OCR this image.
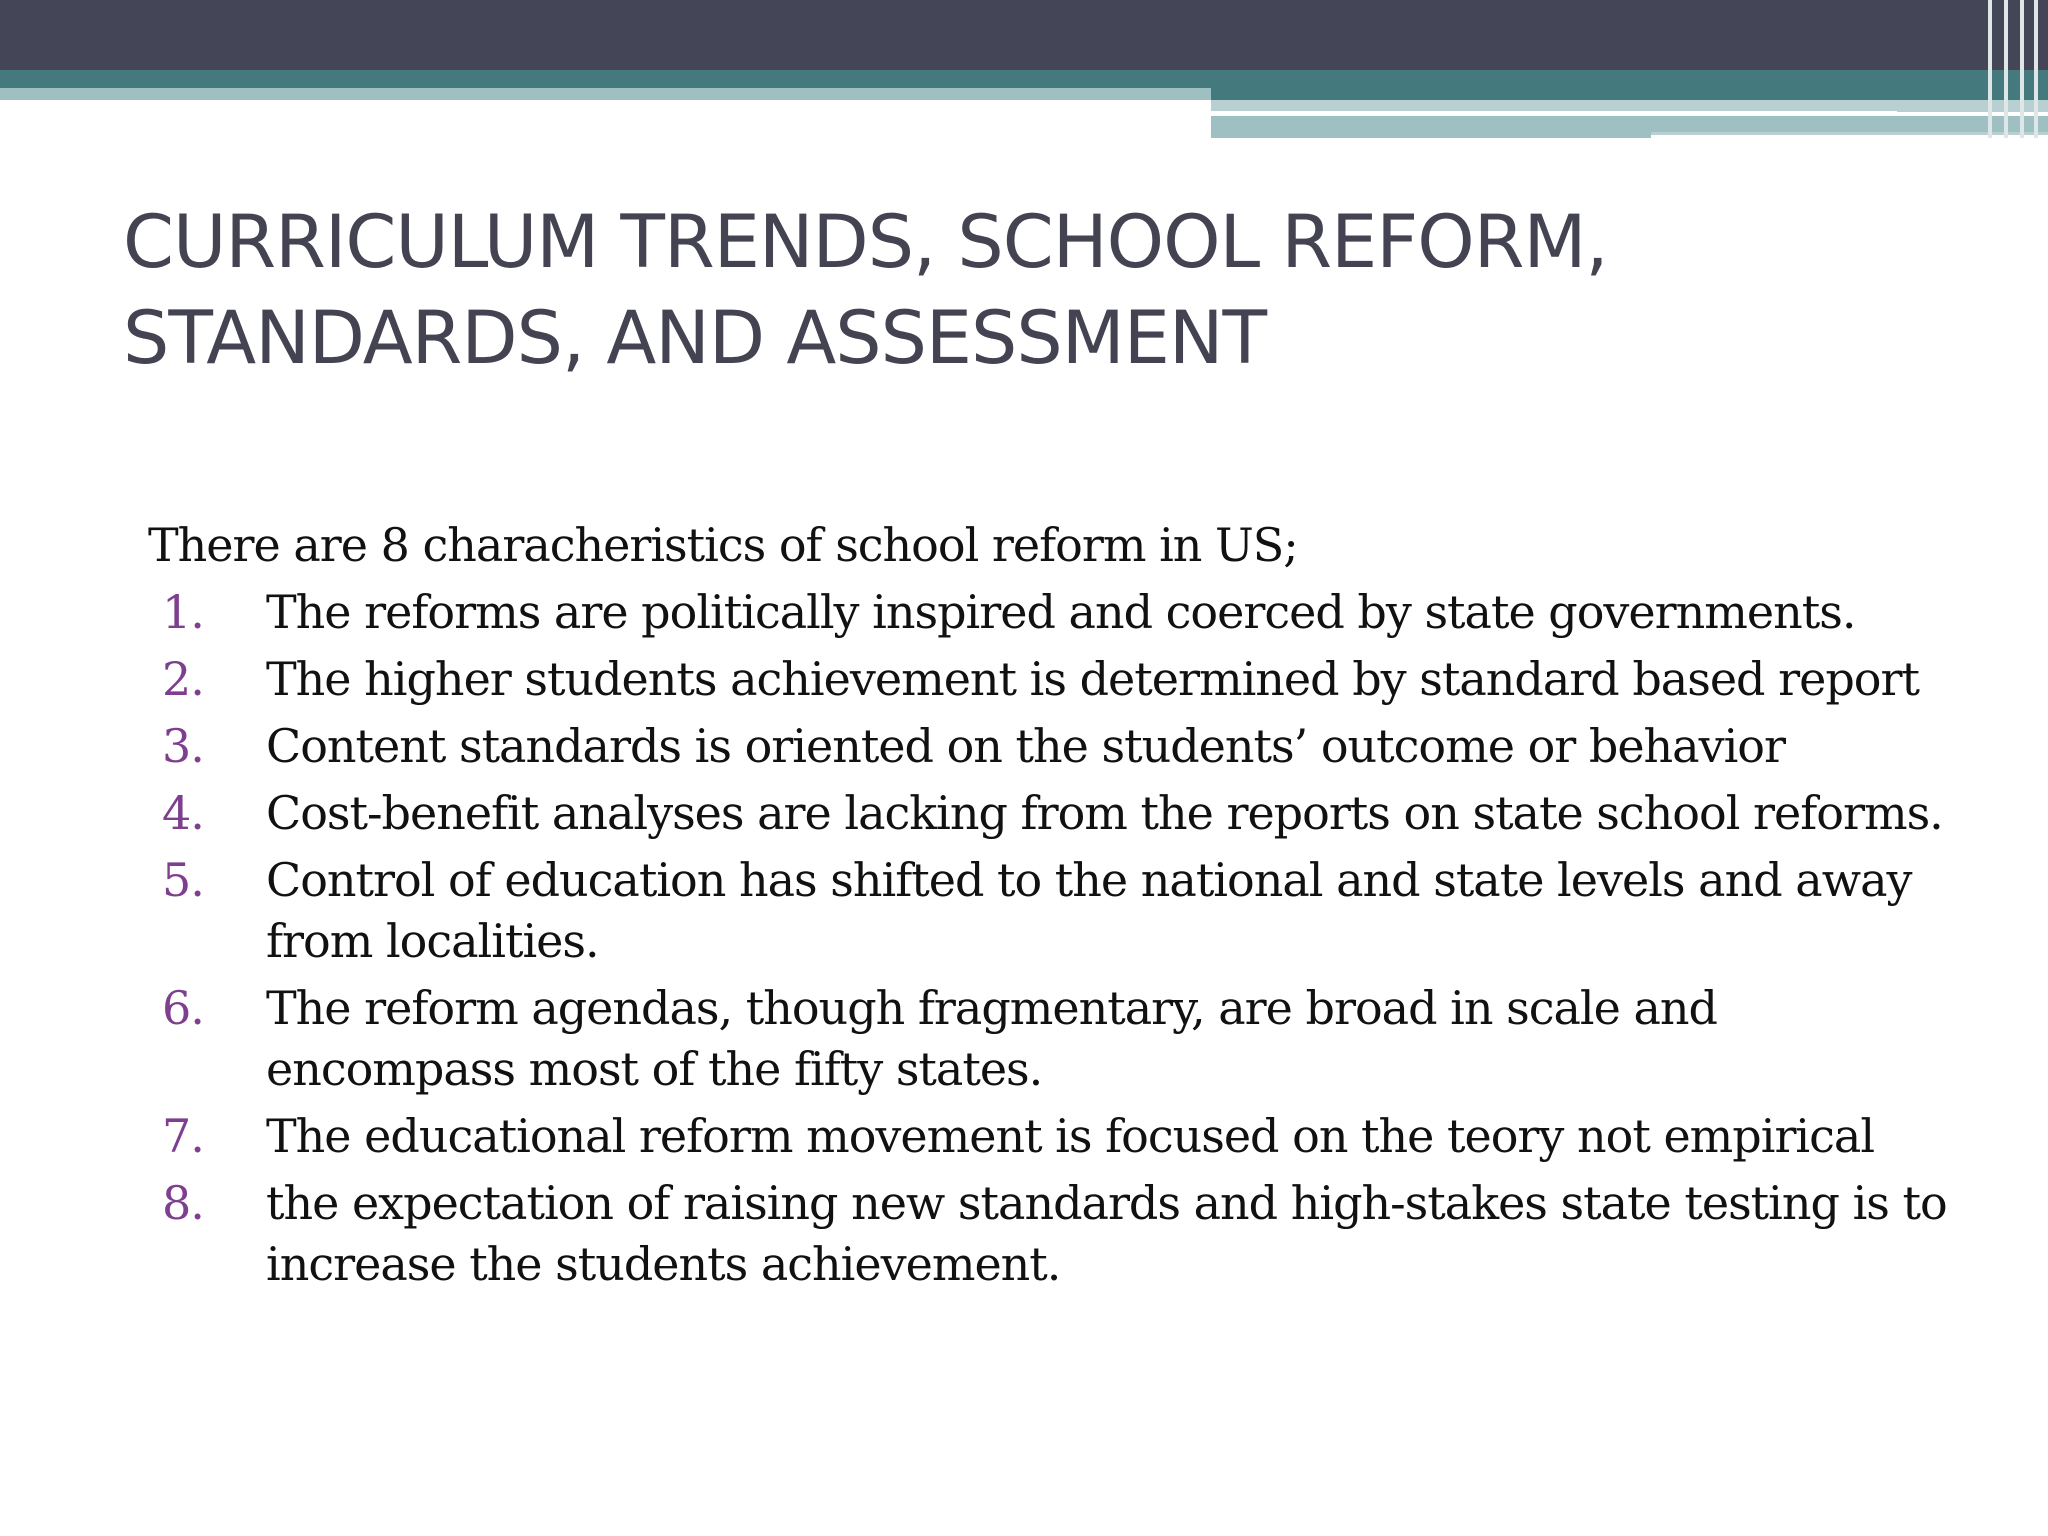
CURRICULUM TRENDS, SCHOOL REFORM,
STANDARDS, AND ASSESSMENT

There are 8 characheristics of school reform in US;

1. The reforms are politically inspired and coerced by state governments.
2. The higher students achievement is determined by standard based report
3. Content standards is oriented on the students’ outcome or behavior
4. Cost-benefit analyses are lacking from the reports on state school reforms.
5. Control of education has shifted to the national and state levels and away from localities.
6. The reform agendas, though fragmentary, are broad in scale and encompass most of the fifty states.
7. The educational reform movement is focused on the teory not empirical
8. the expectation of raising new standards and high-stakes state testing is to increase the students achievement.
